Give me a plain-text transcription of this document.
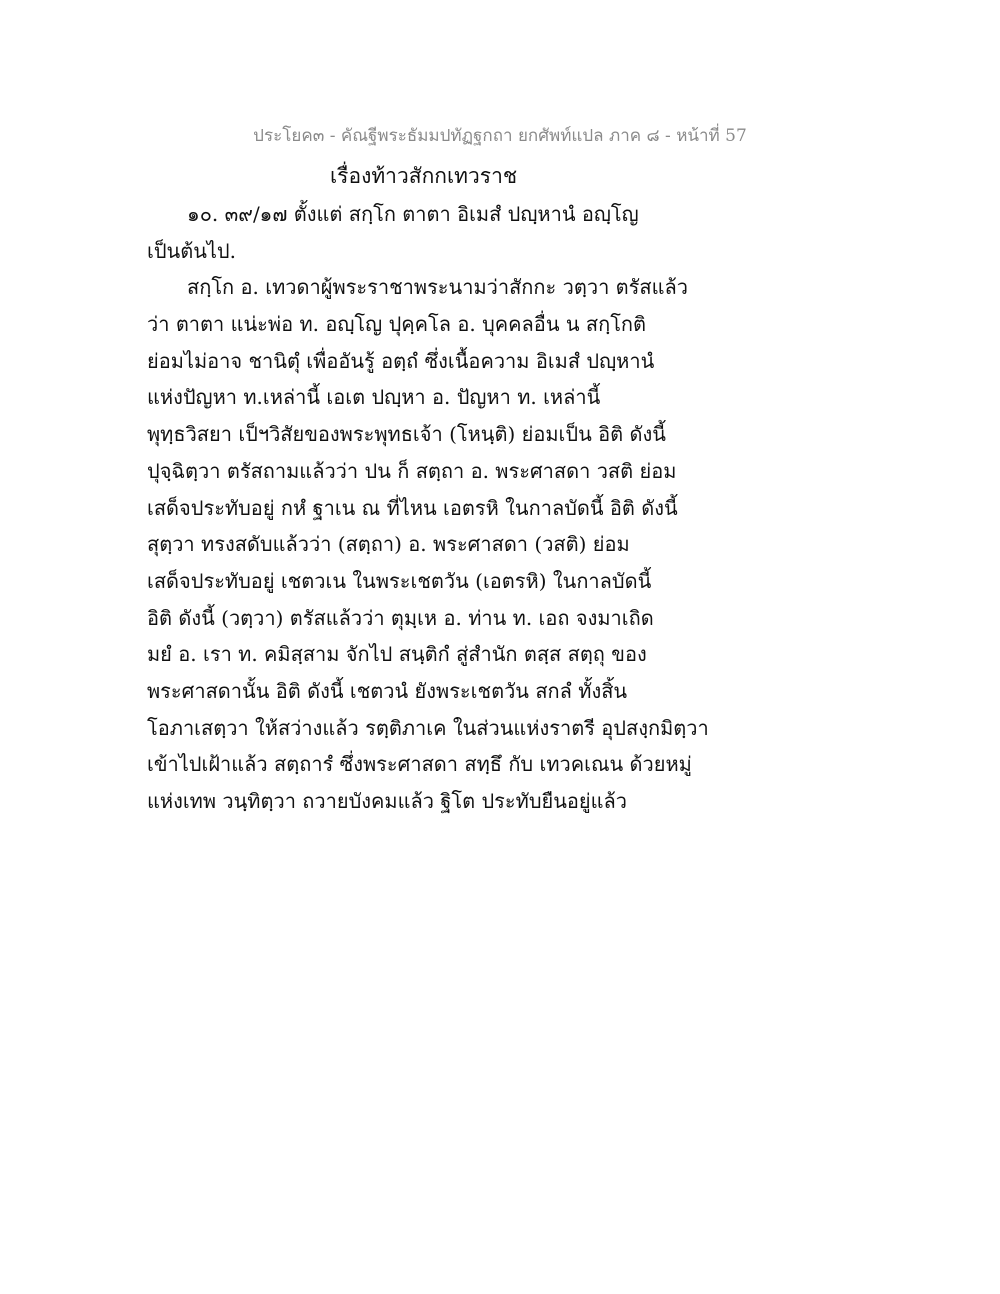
ประโยค๓ - คัณฐีพระธัมมปทัฏฐกถา ยกศัพท์แปล ภาค ๘ - หน้าที่ 57
เรื่องท้าวสักกเทวราช
๑๐. ๓๙/๑๗ ตั้งแต่ สกฺโก ตาตา อิเมสํ ปญฺหานํ อญฺโญ
เป็นต้นไป.
สกฺโก อ. เทวดาผู้พระราชาพระนามว่าสักกะ วตฺวา ตรัสแล้ว
ว่า ตาตา แน่ะพ่อ ท. อญฺโญ ปุคฺคโล อ. บุคคลอื่น น สกฺโกติ
ย่อมไม่อาจ ชานิตุํ เพื่ออันรู้ อตฺถํ ซึ่งเนื้อความ อิเมสํ ปญฺหานํ
แห่งปัญหา ท.เหล่านี้ เอเต ปญฺหา อ. ปัญหา ท. เหล่านี้
พุทฺธวิสยา เป็ฯวิสัยของพระพุทธเจ้า (โหนฺติ) ย่อมเป็น อิติ ดังนี้
ปุจฺฉิตฺวา ตรัสถามแล้วว่า ปน ก็ สตฺถา อ. พระศาสดา วสติ ย่อม
เสด็จประทับอยู่ กหํ ฐาเน ณ ที่ไหน เอตรหิ ในกาลบัดนี้ อิติ ดังนี้
สุตฺวา ทรงสดับแล้วว่า (สตฺถา) อ. พระศาสดา (วสติ) ย่อม
เสด็จประทับอยู่ เชตวเน ในพระเชตวัน (เอตรหิ) ในกาลบัดนี้
อิติ ดังนี้ (วตฺวา) ตรัสแล้วว่า ตุมฺเห อ. ท่าน ท. เอถ จงมาเถิด
มยํ อ. เรา ท. คมิสฺสาม จักไป สนฺติกํ สู่สำนัก ตสฺส สตฺถุ ของ
พระศาสดานั้น อิติ ดังนี้ เชตวนํ ยังพระเชตวัน สกลํ ทั้งสิ้น
โอภาเสตฺวา ให้สว่างแล้ว รตฺติภาเค ในส่วนแห่งราตรี อุปสงฺกมิตฺวา
เข้าไปเฝ้าแล้ว สตฺถารํ ซึ่งพระศาสดา สทฺธึ กับ เทวคเณน ด้วยหมู่
แห่งเทพ วนฺทิตฺวา ถวายบังคมแล้ว ฐิโต ประทับยืนอยู่แล้ว
